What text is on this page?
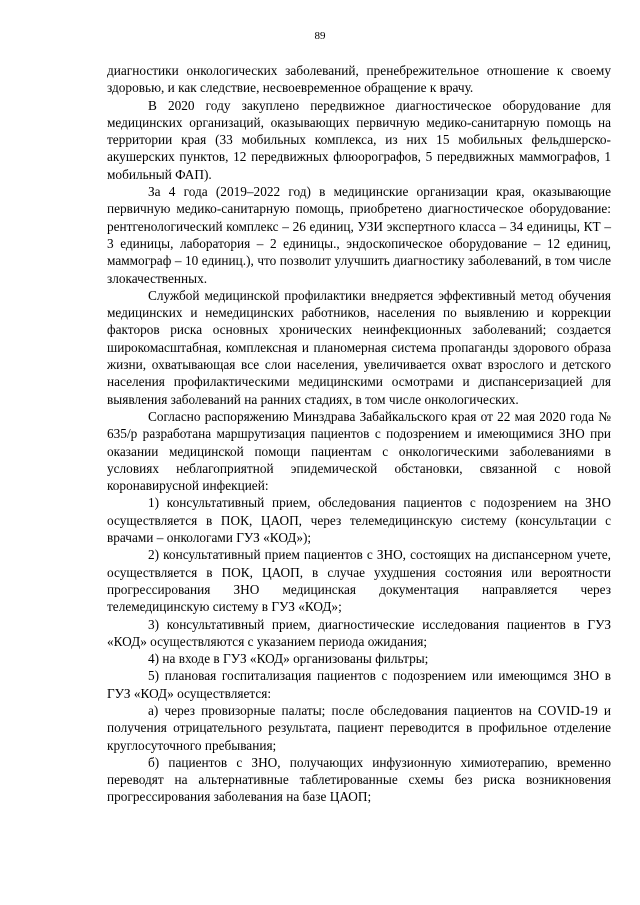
89

диагностики онкологических заболеваний, пренебрежительное отношение к своему здоровью, и как следствие, несвоевременное обращение к врачу.

В 2020 году закуплено передвижное диагностическое оборудование для медицинских организаций, оказывающих первичную медико-санитарную помощь на территории края (33 мобильных комплекса, из них 15 мобильных фельдшерско-акушерских пунктов, 12 передвижных флюорографов, 5 передвижных маммографов, 1 мобильный ФАП).

За 4 года (2019–2022 год) в медицинские организации края, оказывающие первичную медико-санитарную помощь, приобретено диагностическое оборудование: рентгенологический комплекс – 26 единиц, УЗИ экспертного класса – 34 единицы, КТ – 3 единицы, лаборатория – 2 единицы., эндоскопическое оборудование – 12 единиц, маммограф – 10 единиц.), что позволит улучшить диагностику заболеваний, в том числе злокачественных.

Службой медицинской профилактики внедряется эффективный метод обучения медицинских и немедицинских работников, населения по выявлению и коррекции факторов риска основных хронических неинфекционных заболеваний; создается широкомасштабная, комплексная и планомерная система пропаганды здорового образа жизни, охватывающая все слои населения, увеличивается охват взрослого и детского населения профилактическими медицинскими осмотрами и диспансеризацией для выявления заболеваний на ранних стадиях, в том числе онкологических.

Согласно распоряжению Минздрава Забайкальского края от 22 мая 2020 года № 635/р разработана маршрутизация пациентов с подозрением и имеющимися ЗНО при оказании медицинской помощи пациентам с онкологическими заболеваниями в условиях неблагоприятной эпидемической обстановки, связанной с новой коронавирусной инфекцией:

1) консультативный прием, обследования пациентов с подозрением на ЗНО осуществляется в ПОК, ЦАОП, через телемедицинскую систему (консультации с врачами – онкологами ГУЗ «КОД»);

2) консультативный прием пациентов с ЗНО, состоящих на диспансерном учете, осуществляется в ПОК, ЦАОП, в случае ухудшения состояния или вероятности прогрессирования ЗНО медицинская документация направляется через телемедицинскую систему в ГУЗ «КОД»;

3) консультативный прием, диагностические исследования пациентов в ГУЗ «КОД» осуществляются с указанием периода ожидания;

4) на входе в ГУЗ «КОД» организованы фильтры;

5) плановая госпитализация пациентов с подозрением или имеющимся ЗНО в ГУЗ «КОД» осуществляется:

а) через провизорные палаты; после обследования пациентов на COVID-19 и получения отрицательного результата, пациент переводится в профильное отделение круглосуточного пребывания;

б) пациентов с ЗНО, получающих инфузионную химиотерапию, временно переводят на альтернативные таблетированные схемы без риска возникновения прогрессирования заболевания на базе ЦАОП;
